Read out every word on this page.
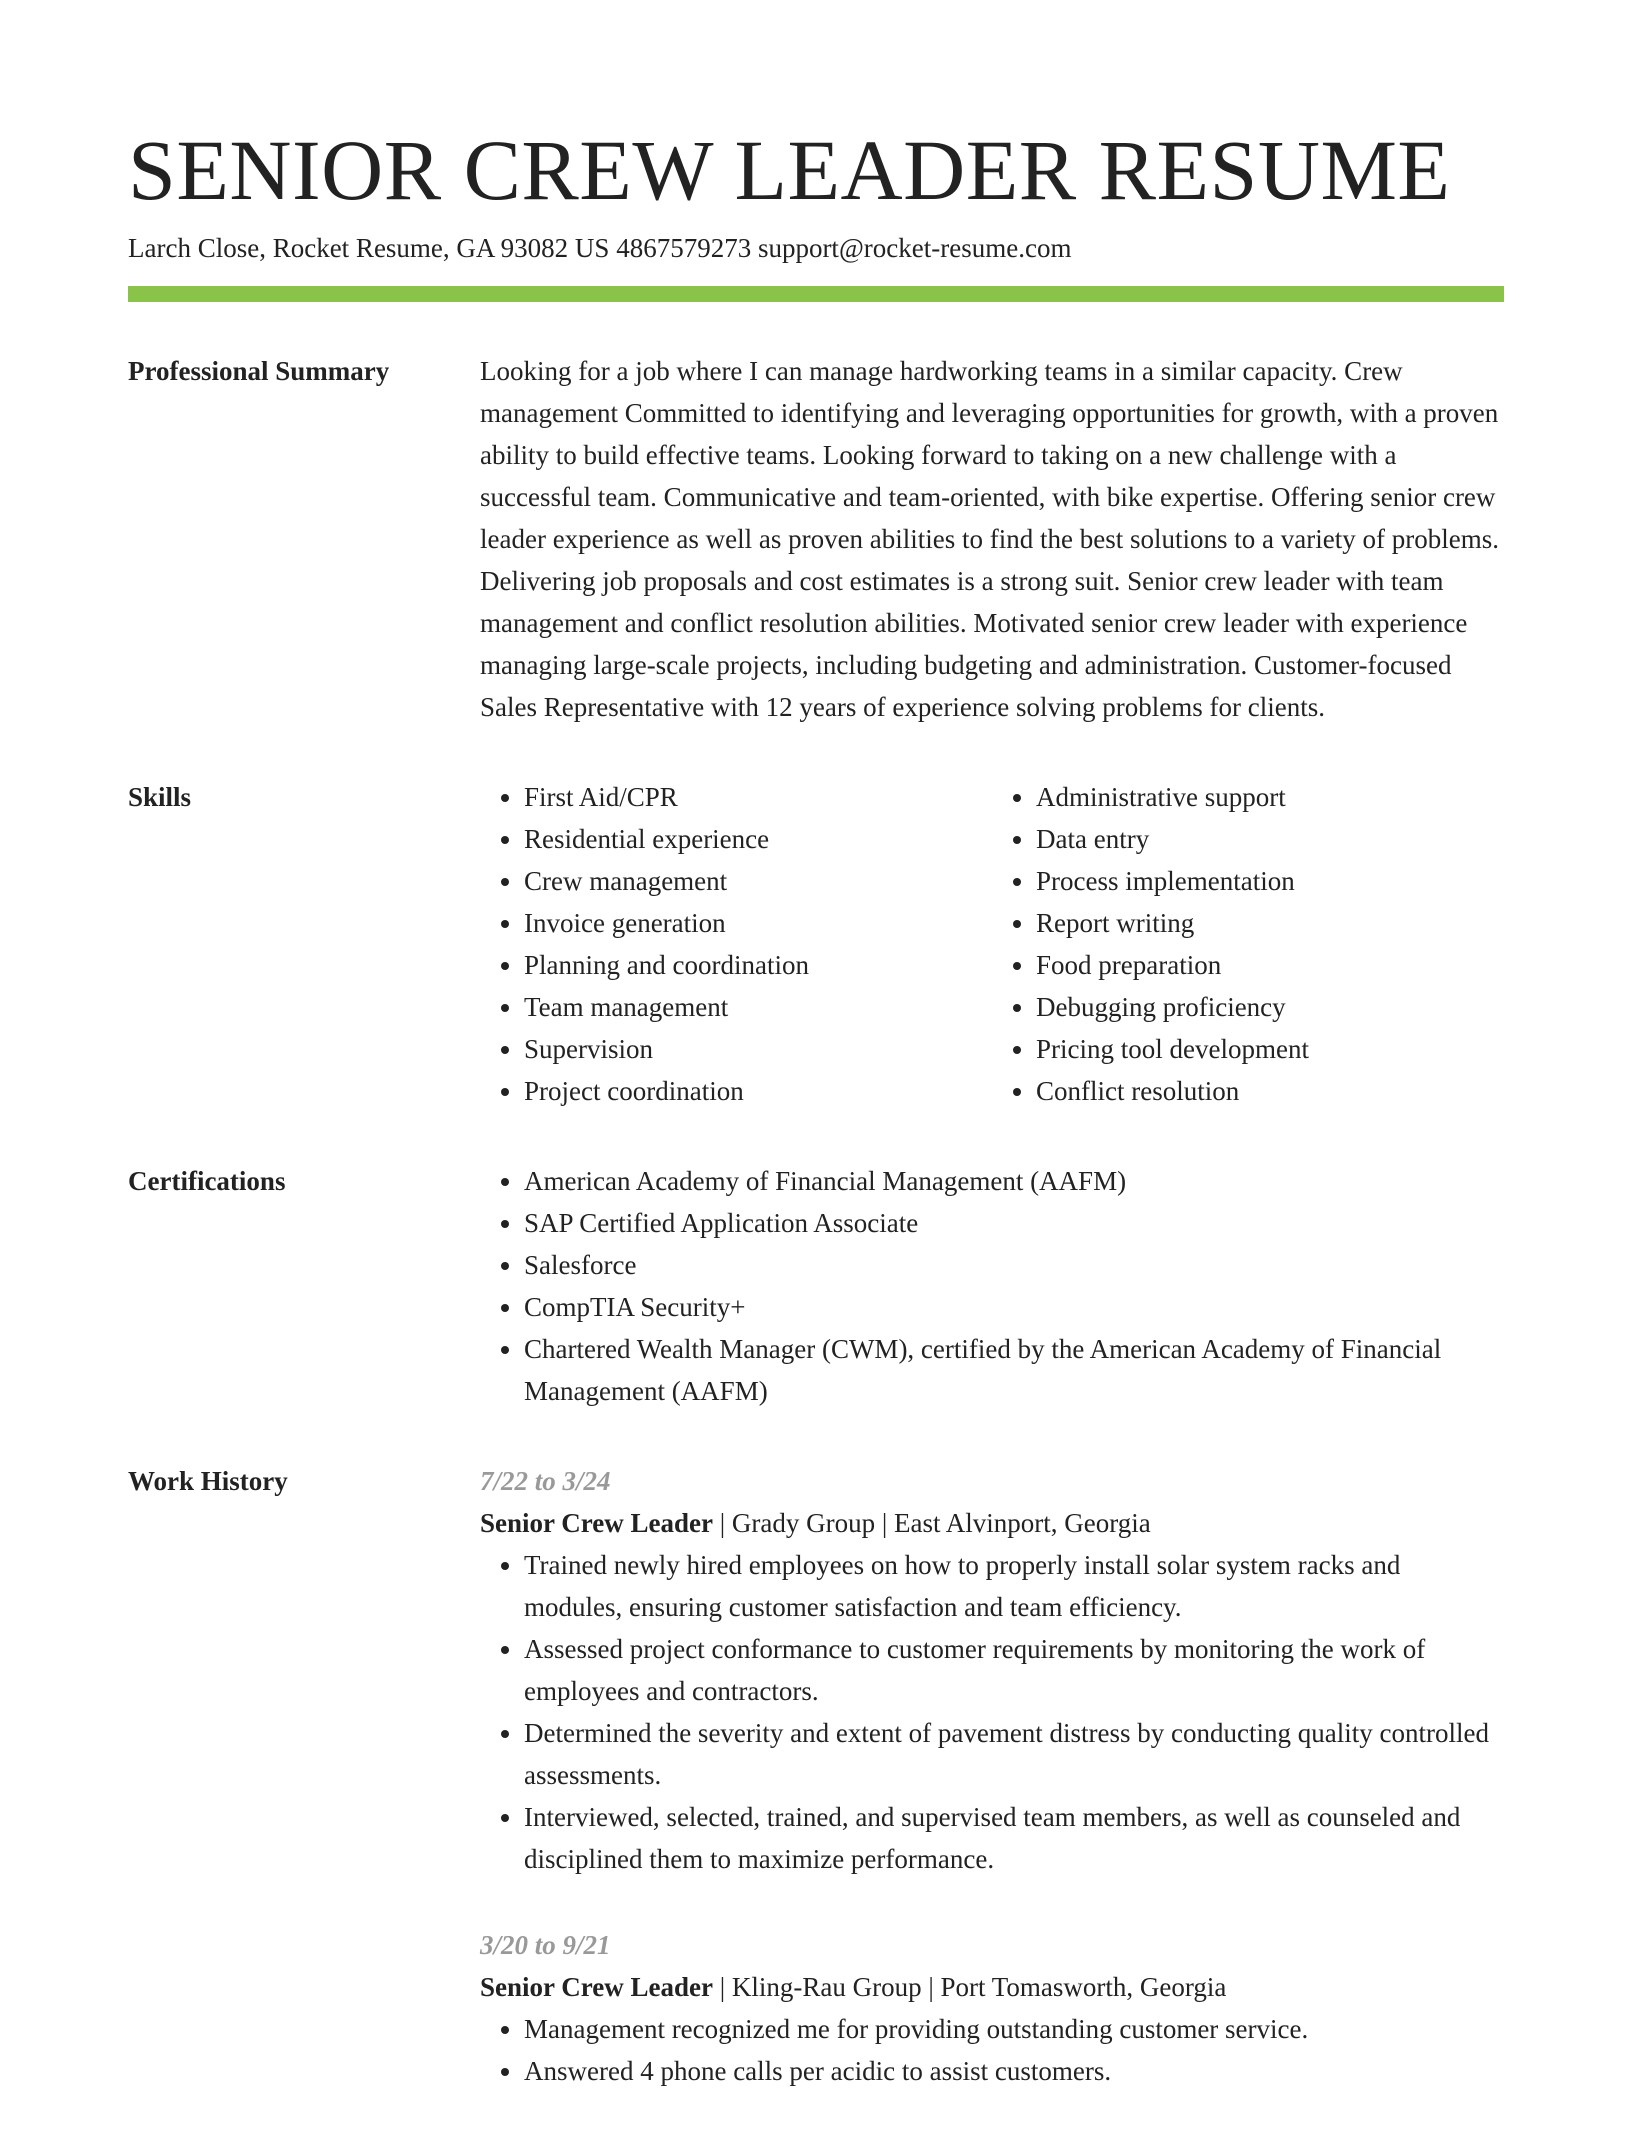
SENIOR CREW LEADER RESUME
Larch Close, Rocket Resume, GA 93082 US 4867579273 support@rocket-resume.com
Professional Summary	Looking for a job where I can manage hardworking teams in a similar capacity. Crew management Committed to identifying and leveraging opportunities for growth, with a proven ability to build effective teams. Looking forward to taking on a new challenge with a successful team. Communicative and team-oriented, with bike expertise. Offering senior crew leader experience as well as proven abilities to find the best solutions to a variety of problems. Delivering job proposals and cost estimates is a strong suit. Senior crew leader with team management and conflict resolution abilities. Motivated senior crew leader with experience managing large-scale projects, including budgeting and administration. Customer-focused Sales Representative with 12 years of experience solving problems for clients.

Skills	• First Aid/CPR
• Residential experience
• Crew management
• Invoice generation
• Planning and coordination
• Team management
• Supervision
• Project coordination
• Administrative support
• Data entry
• Process implementation
• Report writing
• Food preparation
• Debugging proficiency
• Pricing tool development
• Conflict resolution
Certifications	• American Academy of Financial Management (AAFM)
• SAP Certified Application Associate
• Salesforce
• CompTIA Security+
• Chartered Wealth Manager (CWM), certified by the American Academy of Financial Management (AAFM)
Work History	7/22 to 3/24
Senior Crew Leader | Grady Group | East Alvinport, Georgia
• Trained newly hired employees on how to properly install solar system racks and modules, ensuring customer satisfaction and team efficiency.
• Assessed project conformance to customer requirements by monitoring the work of employees and contractors.
• Determined the severity and extent of pavement distress by conducting quality controlled assessments.
• Interviewed, selected, trained, and supervised team members, as well as counseled and disciplined them to maximize performance.
3/20 to 9/21
Senior Crew Leader | Kling-Rau Group | Port Tomasworth, Georgia
• Management recognized me for providing outstanding customer service.
• Answered 4 phone calls per acidic to assist customers.
